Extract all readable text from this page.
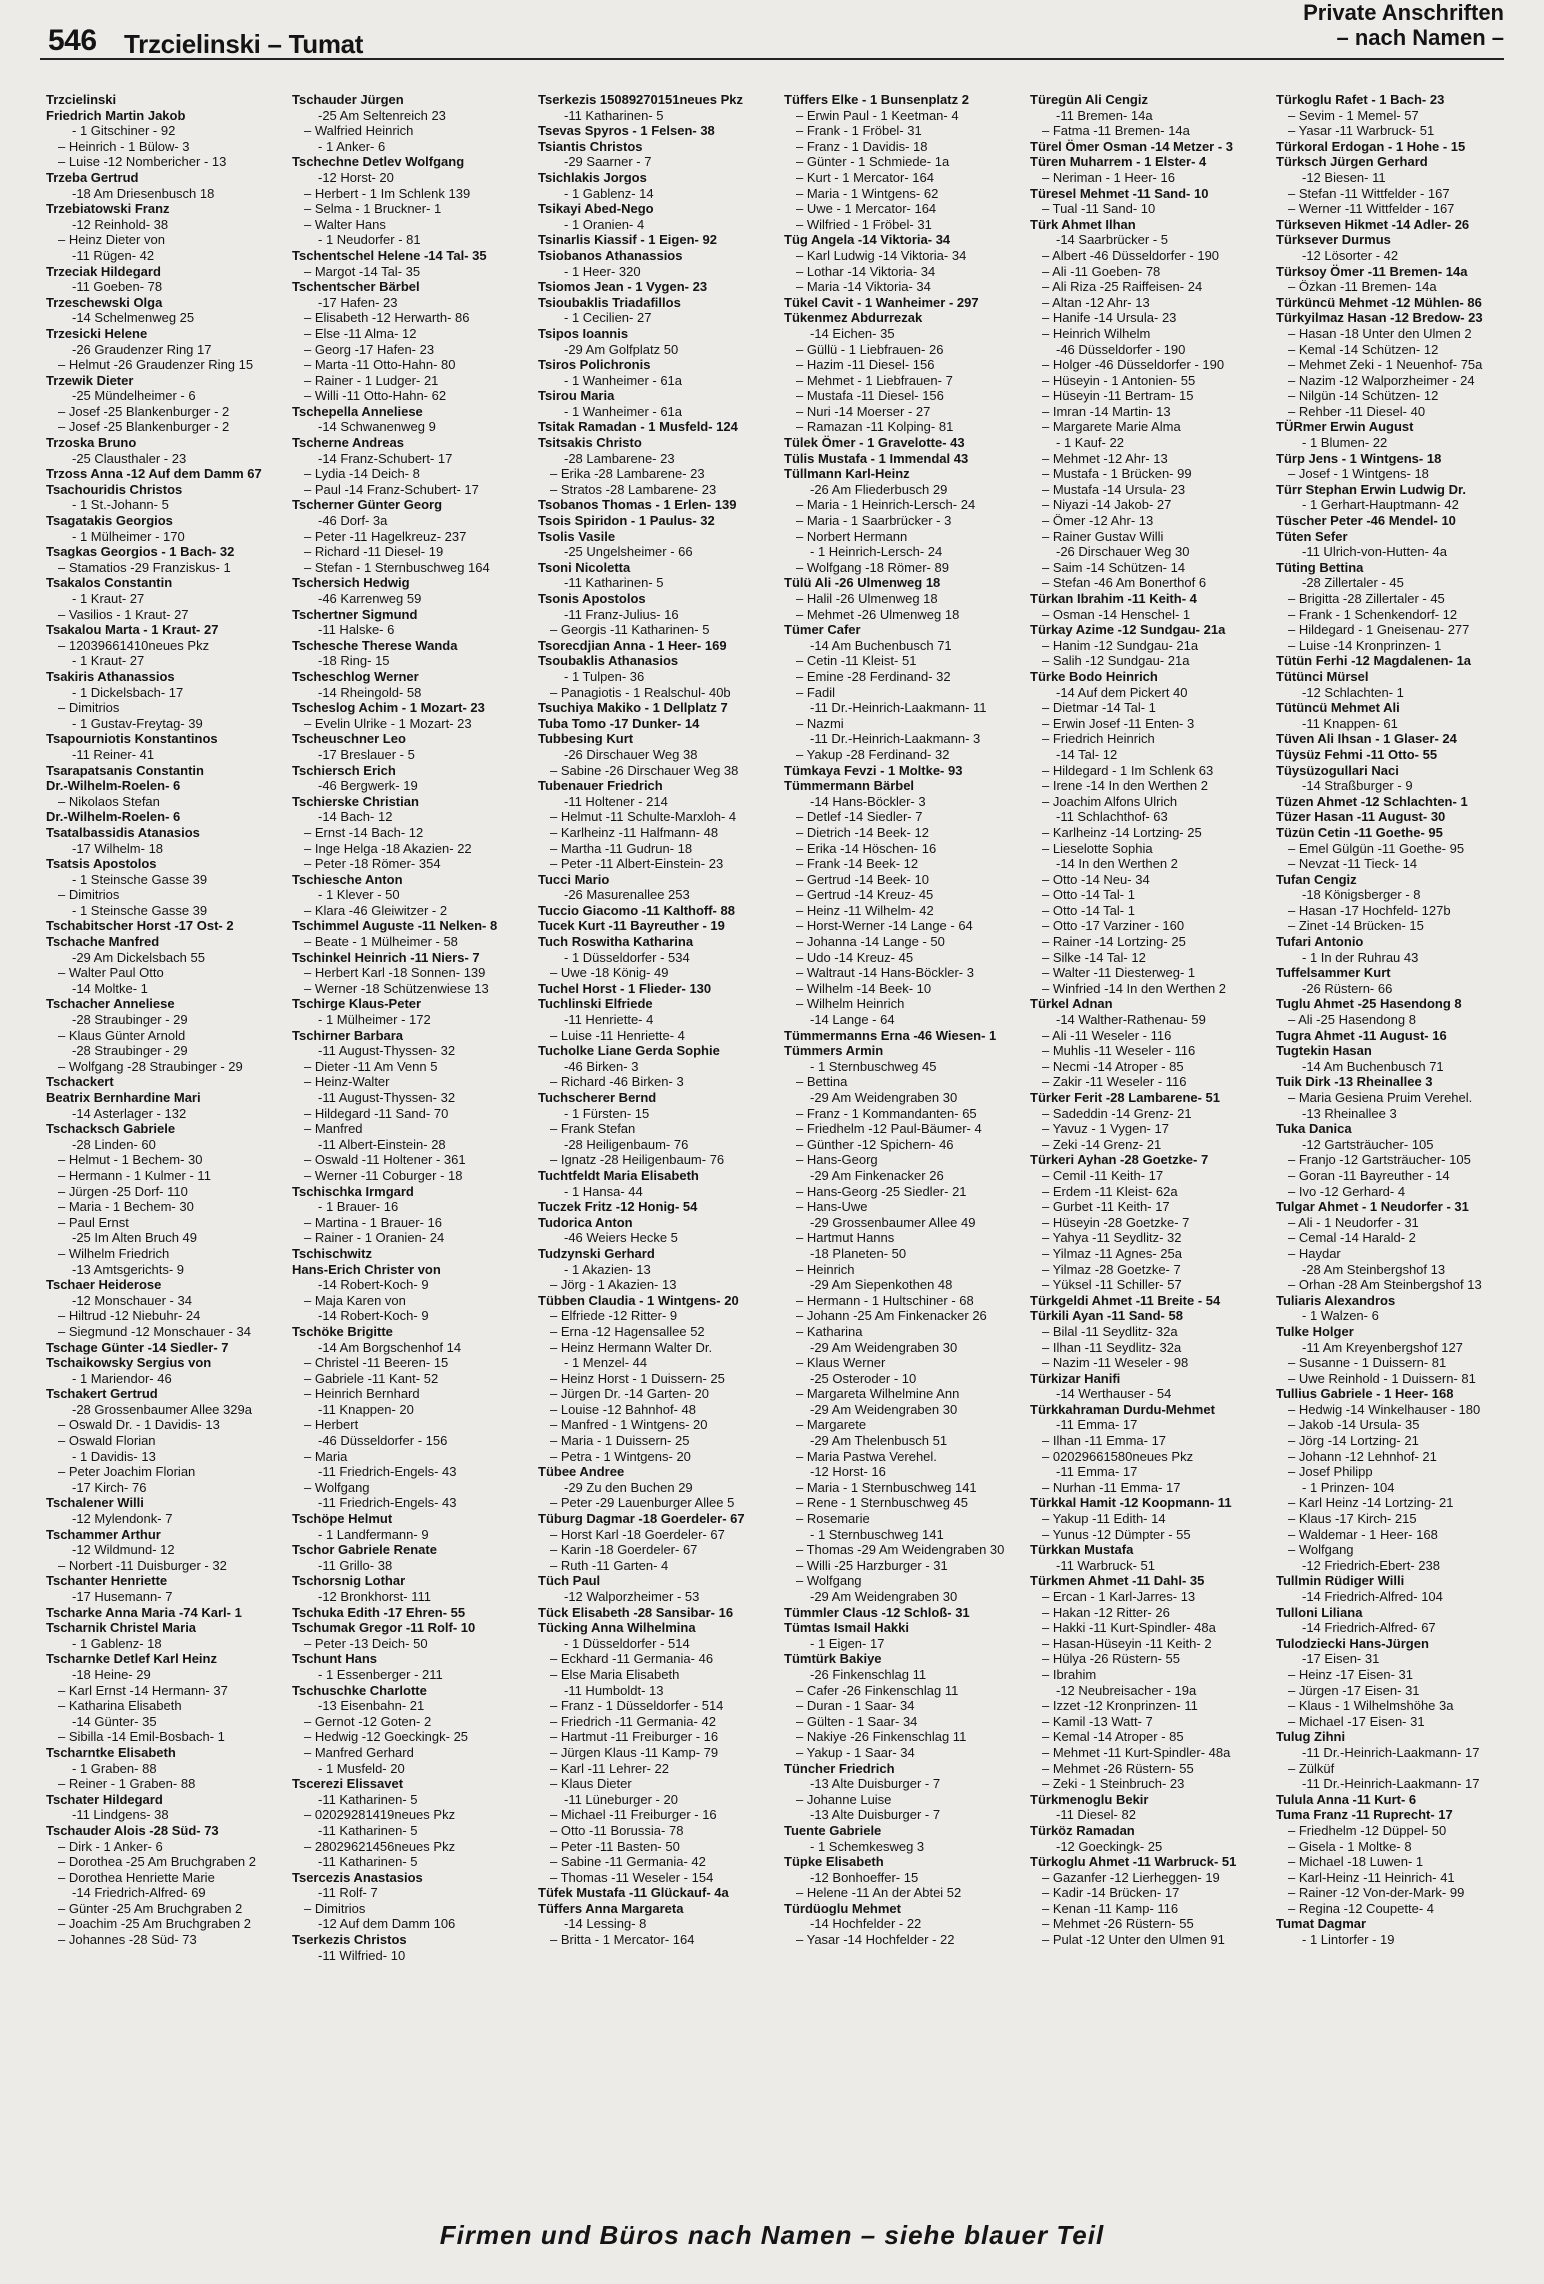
546 Trzcielinski – Tumat
Private Anschriften
– nach Namen –
Trzcielinski
Friedrich Martin Jakob
- 1 Gitschiner - 92
– Heinrich - 1 Bülow- 3
– Luise -12 Nombericher - 13
Trzeba Gertrud
-18 Am Driesenbusch 18
Trzebiatowski Franz
-12 Reinhold- 38
– Heinz Dieter von
-11 Rügen- 42
Trzeciak Hildegard
-11 Goeben- 78
Trzeschewski Olga
-14 Schelmenweg 25
Trzesicki Helene
-26 Graudenzer Ring 17
– Helmut -26 Graudenzer Ring 15
Trzewik Dieter
-25 Mündelheimer - 6
– Josef -25 Blankenburger - 2
– Josef -25 Blankenburger - 2
Trzoska Bruno
-25 Clausthaler - 23
Trzoss Anna -12 Auf dem Damm 67
Tsachouridis Christos
- 1 St.-Johann- 5
Tsagatakis Georgios
- 1 Mülheimer - 170
Tsagkas Georgios - 1 Bach- 32
– Stamatios -29 Franziskus- 1
Tsakalos Constantin
- 1 Kraut- 27
– Vasilios - 1 Kraut- 27
Tsakalou Marta - 1 Kraut- 27
– 12039661410neues Pkz
- 1 Kraut- 27
Tsakiris Athanassios
- 1 Dickelsbach- 17
– Dimitrios
- 1 Gustav-Freytag- 39
Tsapourniotis Konstantinos
-11 Reiner- 41
Tsarapatsanis Constantin
Dr.-Wilhelm-Roelen- 6
– Nikolaos Stefan
Dr.-Wilhelm-Roelen- 6
Tsatalbassidis Atanasios
-17 Wilhelm- 18
Tsatsis Apostolos
- 1 Steinsche Gasse 39
– Dimitrios
- 1 Steinsche Gasse 39
Tschabitscher Horst -17 Ost- 2
Tschache Manfred
-29 Am Dickelsbach 55
– Walter Paul Otto
-14 Moltke- 1
Tschacher Anneliese
-28 Straubinger - 29
– Klaus Günter Arnold
-28 Straubinger - 29
– Wolfgang -28 Straubinger - 29
Tschackert
Beatrix Bernhardine Mari
-14 Asterlager - 132
Tschacksch Gabriele
-28 Linden- 60
– Helmut - 1 Bechem- 30
– Hermann - 1 Kulmer - 11
– Jürgen -25 Dorf- 110
– Maria - 1 Bechem- 30
– Paul Ernst
-25 Im Alten Bruch 49
– Wilhelm Friedrich
-13 Amtsgerichts- 9
Tschaer Heiderose
-12 Monschauer - 34
– Hiltrud -12 Niebuhr- 24
– Siegmund -12 Monschauer - 34
Tschage Günter -14 Siedler- 7
Tschaikowsky Sergius von
- 1 Mariendor- 46
Tschakert Gertrud
-28 Grossenbaumer Allee 329a
– Oswald Dr. - 1 Davidis- 13
– Oswald Florian
- 1 Davidis- 13
– Peter Joachim Florian
-17 Kirch- 76
Tschalener Willi
-12 Mylendonk- 7
Tschammer Arthur
-12 Wildmund- 12
– Norbert -11 Duisburger - 32
Tschanter Henriette
-17 Husemann- 7
Tscharke Anna Maria -74 Karl- 1
Tscharnik Christel Maria
- 1 Gablenz- 18
Tscharnke Detlef Karl Heinz
-18 Heine- 29
– Karl Ernst -14 Hermann- 37
– Katharina Elisabeth
-14 Günter- 35
– Sibilla -14 Emil-Bosbach- 1
Tscharntke Elisabeth
- 1 Graben- 88
– Reiner - 1 Graben- 88
Tschater Hildegard
-11 Lindgens- 38
Tschauder Alois -28 Süd- 73
– Dirk - 1 Anker- 6
– Dorothea -25 Am Bruchgraben 2
– Dorothea Henriette Marie
-14 Friedrich-Alfred- 69
– Günter -25 Am Bruchgraben 2
– Joachim -25 Am Bruchgraben 2
– Johannes -28 Süd- 73
Tschauder Jürgen
-25 Am Seltenreich 23
– Walfried Heinrich
- 1 Anker- 6
Tschechne Detlev Wolfgang
-12 Horst- 20
– Herbert - 1 Im Schlenk 139
– Selma - 1 Bruckner- 1
– Walter Hans
- 1 Neudorfer - 81
Tschentschel Helene -14 Tal- 35
– Margot -14 Tal- 35
Tschentscher Bärbel
-17 Hafen- 23
– Elisabeth -12 Herwarth- 86
– Else -11 Alma- 12
– Georg -17 Hafen- 23
– Marta -11 Otto-Hahn- 80
– Rainer - 1 Ludger- 21
– Willi -11 Otto-Hahn- 62
Tschepella Anneliese
-14 Schwanenweg 9
Tscherne Andreas
-14 Franz-Schubert- 17
– Lydia -14 Deich- 8
– Paul -14 Franz-Schubert- 17
Tscherner Günter Georg
-46 Dorf- 3a
– Peter -11 Hagelkreuz- 237
– Richard -11 Diesel- 19
– Stefan - 1 Sternbuschweg 164
Tschersich Hedwig
-46 Karrenweg 59
Tschertner Sigmund
-11 Halske- 6
Tschesche Therese Wanda
-18 Ring- 15
Tscheschlog Werner
-14 Rheingold- 58
Tscheslog Achim - 1 Mozart- 23
– Evelin Ulrike - 1 Mozart- 23
Tscheuschner Leo
-17 Breslauer - 5
Tschiersch Erich
-46 Bergwerk- 19
Tschierske Christian
-14 Bach- 12
– Ernst -14 Bach- 12
– Inge Helga -18 Akazien- 22
– Peter -18 Römer- 354
Tschiesche Anton
- 1 Klever - 50
– Klara -46 Gleiwitzer - 2
Tschimmel Auguste -11 Nelken- 8
– Beate - 1 Mülheimer - 58
Tschinkel Heinrich -11 Niers- 7
– Herbert Karl -18 Sonnen- 139
– Werner -18 Schützenwiese 13
Tschirge Klaus-Peter
- 1 Mülheimer - 172
Tschirner Barbara
-11 August-Thyssen- 32
– Dieter -11 Am Venn 5
– Heinz-Walter
-11 August-Thyssen- 32
– Hildegard -11 Sand- 70
– Manfred
-11 Albert-Einstein- 28
– Oswald -11 Holtener - 361
– Werner -11 Coburger - 18
Tschischka Irmgard
- 1 Brauer- 16
– Martina - 1 Brauer- 16
– Rainer - 1 Oranien- 24
Tschischwitz
Hans-Erich Christer von
-14 Robert-Koch- 9
– Maja Karen von
-14 Robert-Koch- 9
Tschöke Brigitte
-14 Am Borgschenhof 14
– Christel -11 Beeren- 15
– Gabriele -11 Kant- 52
– Heinrich Bernhard
-11 Knappen- 20
– Herbert
-46 Düsseldorfer - 156
– Maria
-11 Friedrich-Engels- 43
– Wolfgang
-11 Friedrich-Engels- 43
Tschöpe Helmut
- 1 Landfermann- 9
Tschor Gabriele Renate
-11 Grillo- 38
Tschorsnig Lothar
-12 Bronkhorst- 111
Tschuka Edith -17 Ehren- 55
Tschumak Gregor -11 Rolf- 10
– Peter -13 Deich- 50
Tschunt Hans
- 1 Essenberger - 211
Tschuschke Charlotte
-13 Eisenbahn- 21
– Gernot -12 Goten- 2
– Hedwig -12 Goeckingk- 25
– Manfred Gerhard
- 1 Musfeld- 20
Tscerezi Elissavet
-11 Katharinen- 5
– 02029281419neues Pkz
-11 Katharinen- 5
– 28029621456neues Pkz
-11 Katharinen- 5
Tsercezis Anastasios
-11 Rolf- 7
– Dimitrios
-12 Auf dem Damm 106
Tserkezis Christos
-11 Wilfried- 10
Tserkezis 15089270151neues Pkz
-11 Katharinen- 5
Tsevas Spyros - 1 Felsen- 38
Tsiantis Christos
-29 Saarner - 7
Tsichlakis Jorgos
- 1 Gablenz- 14
Tsikayi Abed-Nego
- 1 Oranien- 4
Tsinarlis Kiassif - 1 Eigen- 92
Tsiobanos Athanassios
- 1 Heer- 320
Tsiomos Jean - 1 Vygen- 23
Tsioubaklis Triadafillos
- 1 Cecilien- 27
Tsipos Ioannis
-29 Am Golfplatz 50
Tsiros Polichronis
- 1 Wanheimer - 61a
Tsirou Maria
- 1 Wanheimer - 61a
Tsitak Ramadan - 1 Musfeld- 124
Tsitsakis Christo
-28 Lambarene- 23
– Erika -28 Lambarene- 23
– Stratos -28 Lambarene- 23
Tsobanos Thomas - 1 Erlen- 139
Tsois Spiridon - 1 Paulus- 32
Tsolis Vasile
-25 Ungelsheimer - 66
Tsoni Nicoletta
-11 Katharinen- 5
Tsonis Apostolos
-11 Franz-Julius- 16
– Georgis -11 Katharinen- 5
Tsorecdjian Anna - 1 Heer- 169
Tsoubaklis Athanasios
- 1 Tulpen- 36
– Panagiotis - 1 Realschul- 40b
Tsuchiya Makiko - 1 Dellplatz 7
Tuba Tomo -17 Dunker- 14
Tubbesing Kurt
-26 Dirschauer Weg 38
– Sabine -26 Dirschauer Weg 38
Tubenauer Friedrich
-11 Holtener - 214
– Helmut -11 Schulte-Marxloh- 4
– Karlheinz -11 Halfmann- 48
– Martha -11 Gudrun- 18
– Peter -11 Albert-Einstein- 23
Tucci Mario
-26 Masurenallee 253
Tuccio Giacomo -11 Kalthoff- 88
Tucek Kurt -11 Bayreuther - 19
Tuch Roswitha Katharina
- 1 Düsseldorfer - 534
– Uwe -18 König- 49
Tuchel Horst - 1 Flieder- 130
Tuchlinski Elfriede
-11 Henriette- 4
– Luise -11 Henriette- 4
Tucholke Liane Gerda Sophie
-46 Birken- 3
– Richard -46 Birken- 3
Tuchscherer Bernd
- 1 Fürsten- 15
– Frank Stefan
-28 Heiligenbaum- 76
– Ignatz -28 Heiligenbaum- 76
Tuchtfeldt Maria Elisabeth
- 1 Hansa- 44
Tuczek Fritz -12 Honig- 54
Tudorica Anton
-46 Weiers Hecke 5
Tudzynski Gerhard
- 1 Akazien- 13
– Jörg - 1 Akazien- 13
Tübben Claudia - 1 Wintgens- 20
– Elfriede -12 Ritter- 9
– Erna -12 Hagensallee 52
– Heinz Hermann Walter Dr.
- 1 Menzel- 44
– Heinz Horst - 1 Duissern- 25
– Jürgen Dr. -14 Garten- 20
– Louise -12 Bahnhof- 48
– Manfred - 1 Wintgens- 20
– Maria - 1 Duissern- 25
– Petra - 1 Wintgens- 20
Tübee Andree
-29 Zu den Buchen 29
– Peter -29 Lauenburger Allee 5
Tüburg Dagmar -18 Goerdeler- 67
– Horst Karl -18 Goerdeler- 67
– Karin -18 Goerdeler- 67
– Ruth -11 Garten- 4
Tüch Paul
-12 Walporzheimer - 53
Tück Elisabeth -28 Sansibar- 16
Tücking Anna Wilhelmina
- 1 Düsseldorfer - 514
– Eckhard -11 Germania- 46
– Else Maria Elisabeth
-11 Humboldt- 13
– Franz - 1 Düsseldorfer - 514
– Friedrich -11 Germania- 42
– Hartmut -11 Freiburger - 16
– Jürgen Klaus -11 Kamp- 79
– Karl -11 Lehrer- 22
– Klaus Dieter
-11 Lüneburger - 20
– Michael -11 Freiburger - 16
– Otto -11 Borussia- 78
– Peter -11 Basten- 50
– Sabine -11 Germania- 42
– Thomas -11 Weseler - 154
Tüfek Mustafa -11 Glückauf- 4a
Tüffers Anna Margareta
-14 Lessing- 8
– Britta - 1 Mercator- 164
Tüffers Elke - 1 Bunsenplatz 2
– Erwin Paul - 1 Keetman- 4
– Frank - 1 Fröbel- 31
– Franz - 1 Davidis- 18
– Günter - 1 Schmiede- 1a
– Kurt - 1 Mercator- 164
– Maria - 1 Wintgens- 62
– Uwe - 1 Mercator- 164
– Wilfried - 1 Fröbel- 31
Tüg Angela -14 Viktoria- 34
– Karl Ludwig -14 Viktoria- 34
– Lothar -14 Viktoria- 34
– Maria -14 Viktoria- 34
Tükel Cavit - 1 Wanheimer - 297
Tükenmez Abdurrezak
-14 Eichen- 35
– Güllü - 1 Liebfrauen- 26
– Hazim -11 Diesel- 156
– Mehmet - 1 Liebfrauen- 7
– Mustafa -11 Diesel- 156
– Nuri -14 Moerser - 27
– Ramazan -11 Kolping- 81
Tülek Ömer - 1 Gravelotte- 43
Tülis Mustafa - 1 Immendal 43
Tüllmann Karl-Heinz
-26 Am Fliederbusch 29
– Maria - 1 Heinrich-Lersch- 24
– Maria - 1 Saarbrücker - 3
– Norbert Hermann
- 1 Heinrich-Lersch- 24
– Wolfgang -18 Römer- 89
Tülü Ali -26 Ulmenweg 18
– Halil -26 Ulmenweg 18
– Mehmet -26 Ulmenweg 18
Tümer Cafer
-14 Am Buchenbusch 71
– Cetin -11 Kleist- 51
– Emine -28 Ferdinand- 32
– Fadil
-11 Dr.-Heinrich-Laakmann- 11
– Nazmi
-11 Dr.-Heinrich-Laakmann- 3
– Yakup -28 Ferdinand- 32
Tümkaya Fevzi - 1 Moltke- 93
Tümmermann Bärbel
-14 Hans-Böckler- 3
– Detlef -14 Siedler- 7
– Dietrich -14 Beek- 12
– Erika -14 Höschen- 16
– Frank -14 Beek- 12
– Gertrud -14 Beek- 10
– Gertrud -14 Kreuz- 45
– Heinz -11 Wilhelm- 42
– Horst-Werner -14 Lange - 64
– Johanna -14 Lange - 50
– Udo -14 Kreuz- 45
– Waltraut -14 Hans-Böckler- 3
– Wilhelm -14 Beek- 10
– Wilhelm Heinrich
-14 Lange - 64
Tümmermanns Erna -46 Wiesen- 1
Tümmers Armin
- 1 Sternbuschweg 45
– Bettina
-29 Am Weidengraben 30
– Franz - 1 Kommandanten- 65
– Friedhelm -12 Paul-Bäumer- 4
– Günther -12 Spichern- 46
– Hans-Georg
-29 Am Finkenacker 26
– Hans-Georg -25 Siedler- 21
– Hans-Uwe
-29 Grossenbaumer Allee 49
– Hartmut Hanns
-18 Planeten- 50
– Heinrich
-29 Am Siepenkothen 48
– Hermann - 1 Hultschiner - 68
– Johann -25 Am Finkenacker 26
– Katharina
-29 Am Weidengraben 30
– Klaus Werner
-25 Osteroder - 10
– Margareta Wilhelmine Ann
-29 Am Weidengraben 30
– Margarete
-29 Am Thelenbusch 51
– Maria Pastwa Verehel.
-12 Horst- 16
– Maria - 1 Sternbuschweg 141
– Rene - 1 Sternbuschweg 45
– Rosemarie
- 1 Sternbuschweg 141
– Thomas -29 Am Weidengraben 30
– Willi -25 Harzburger - 31
– Wolfgang
-29 Am Weidengraben 30
Tümmler Claus -12 Schloß- 31
Tümtas Ismail Hakki
- 1 Eigen- 17
Tümtürk Bakiye
-26 Finkenschlag 11
– Cafer -26 Finkenschlag 11
– Duran - 1 Saar- 34
– Gülten - 1 Saar- 34
– Nakiye -26 Finkenschlag 11
– Yakup - 1 Saar- 34
Tüncher Friedrich
-13 Alte Duisburger - 7
– Johanne Luise
-13 Alte Duisburger - 7
Tuente Gabriele
- 1 Schemkesweg 3
Tüpke Elisabeth
-12 Bonhoeffer- 15
– Helene -11 An der Abtei 52
Türdüoglu Mehmet
-14 Hochfelder - 22
– Yasar -14 Hochfelder - 22
Türegün Ali Cengiz
-11 Bremen- 14a
– Fatma -11 Bremen- 14a
Türel Ömer Osman -14 Metzer - 3
Türen Muharrem - 1 Elster- 4
– Neriman - 1 Heer- 16
Türesel Mehmet -11 Sand- 10
– Tual -11 Sand- 10
Türk Ahmet Ilhan
-14 Saarbrücker - 5
– Albert -46 Düsseldorfer - 190
– Ali -11 Goeben- 78
– Ali Riza -25 Raiffeisen- 24
– Altan -12 Ahr- 13
– Hanife -14 Ursula- 23
– Heinrich Wilhelm
-46 Düsseldorfer - 190
– Holger -46 Düsseldorfer - 190
– Hüseyin - 1 Antonien- 55
– Hüseyin -11 Bertram- 15
– Imran -14 Martin- 13
– Margarete Marie Alma
- 1 Kauf- 22
– Mehmet -12 Ahr- 13
– Mustafa - 1 Brücken- 99
– Mustafa -14 Ursula- 23
– Niyazi -14 Jakob- 27
– Ömer -12 Ahr- 13
– Rainer Gustav Willi
-26 Dirschauer Weg 30
– Saim -14 Schützen- 14
– Stefan -46 Am Bonerthof 6
Türkan Ibrahim -11 Keith- 4
– Osman -14 Henschel- 1
Türkay Azime -12 Sundgau- 21a
– Hanim -12 Sundgau- 21a
– Salih -12 Sundgau- 21a
Türke Bodo Heinrich
-14 Auf dem Pickert 40
– Dietmar -14 Tal- 1
– Erwin Josef -11 Enten- 3
– Friedrich Heinrich
-14 Tal- 12
– Hildegard - 1 Im Schlenk 63
– Irene -14 In den Werthen 2
– Joachim Alfons Ulrich
-11 Schlachthof- 63
– Karlheinz -14 Lortzing- 25
– Lieselotte Sophia
-14 In den Werthen 2
– Otto -14 Neu- 34
– Otto -14 Tal- 1
– Otto -14 Tal- 1
– Otto -17 Varziner - 160
– Rainer -14 Lortzing- 25
– Silke -14 Tal- 12
– Walter -11 Diesterweg- 1
– Winfried -14 In den Werthen 2
Türkel Adnan
-14 Walther-Rathenau- 59
– Ali -11 Weseler - 116
– Muhlis -11 Weseler - 116
– Necmi -14 Atroper - 85
– Zakir -11 Weseler - 116
Türker Ferit -28 Lambarene- 51
– Sadeddin -14 Grenz- 21
– Yavuz - 1 Vygen- 17
– Zeki -14 Grenz- 21
Türkeri Ayhan -28 Goetzke- 7
– Cemil -11 Keith- 17
– Erdem -11 Kleist- 62a
– Gurbet -11 Keith- 17
– Hüseyin -28 Goetzke- 7
– Yahya -11 Seydlitz- 32
– Yilmaz -11 Agnes- 25a
– Yilmaz -28 Goetzke- 7
– Yüksel -11 Schiller- 57
Türkgeldi Ahmet -11 Breite - 54
Türkili Ayan -11 Sand- 58
– Bilal -11 Seydlitz- 32a
– Ilhan -11 Seydlitz- 32a
– Nazim -11 Weseler - 98
Türkizar Hanifi
-14 Werthauser - 54
Türkkahraman Durdu-Mehmet
-11 Emma- 17
– Ilhan -11 Emma- 17
– 02029661580neues Pkz
-11 Emma- 17
– Nurhan -11 Emma- 17
Türkkal Hamit -12 Koopmann- 11
– Yakup -11 Edith- 14
– Yunus -12 Dümpter - 55
Türkkan Mustafa
-11 Warbruck- 51
Türkmen Ahmet -11 Dahl- 35
– Ercan - 1 Karl-Jarres- 13
– Hakan -12 Ritter- 26
– Hakki -11 Kurt-Spindler- 48a
– Hasan-Hüseyin -11 Keith- 2
– Hülya -26 Rüstern- 55
– Ibrahim
-12 Neubreisacher - 19a
– Izzet -12 Kronprinzen- 11
– Kamil -13 Watt- 7
– Kemal -14 Atroper - 85
– Mehmet -11 Kurt-Spindler- 48a
– Mehmet -26 Rüstern- 55
– Zeki - 1 Steinbruch- 23
Türkmenoglu Bekir
-11 Diesel- 82
Türköz Ramadan
-12 Goeckingk- 25
Türkoglu Ahmet -11 Warbruck- 51
– Gazanfer -12 Lierheggen- 19
– Kadir -14 Brücken- 17
– Kenan -11 Kamp- 116
– Mehmet -26 Rüstern- 55
– Pulat -12 Unter den Ulmen 91
Türkoglu Rafet - 1 Bach- 23
– Sevim - 1 Memel- 57
– Yasar -11 Warbruck- 51
Türkoral Erdogan - 1 Hohe - 15
Türksch Jürgen Gerhard
-12 Biesen- 11
– Stefan -11 Wittfelder - 167
– Werner -11 Wittfelder - 167
Türkseven Hikmet -14 Adler- 26
Türksever Durmus
-12 Lösorter - 42
Türksoy Ömer -11 Bremen- 14a
– Özkan -11 Bremen- 14a
Türküncü Mehmet -12 Mühlen- 86
Türkyilmaz Hasan -12 Bredow- 23
– Hasan -18 Unter den Ulmen 2
– Kemal -14 Schützen- 12
– Mehmet Zeki - 1 Neuenhof- 75a
– Nazim -12 Walporzheimer - 24
– Nilgün -14 Schützen- 12
– Rehber -11 Diesel- 40
TÜRmer Erwin August
- 1 Blumen- 22
Türp Jens - 1 Wintgens- 18
– Josef - 1 Wintgens- 18
Türr Stephan Erwin Ludwig Dr.
- 1 Gerhart-Hauptmann- 42
Tüscher Peter -46 Mendel- 10
Tüten Sefer
-11 Ulrich-von-Hutten- 4a
Tüting Bettina
-28 Zillertaler - 45
– Brigitta -28 Zillertaler - 45
– Frank - 1 Schenkendorf- 12
– Hildegard - 1 Gneisenau- 277
– Luise -14 Kronprinzen- 1
Tütün Ferhi -12 Magdalenen- 1a
Tütünci Mürsel
-12 Schlachten- 1
Tütüncü Mehmet Ali
-11 Knappen- 61
Tüven Ali Ihsan - 1 Glaser- 24
Tüysüz Fehmi -11 Otto- 55
Tüysüzogullari Naci
-14 Straßburger - 9
Tüzen Ahmet -12 Schlachten- 1
Tüzer Hasan -11 August- 30
Tüzün Cetin -11 Goethe- 95
– Emel Gülgün -11 Goethe- 95
– Nevzat -11 Tieck- 14
Tufan Cengiz
-18 Königsberger - 8
– Hasan -17 Hochfeld- 127b
– Zinet -14 Brücken- 15
Tufari Antonio
- 1 In der Ruhrau 43
Tuffelsammer Kurt
-26 Rüstern- 66
Tuglu Ahmet -25 Hasendong 8
– Ali -25 Hasendong 8
Tugra Ahmet -11 August- 16
Tugtekin Hasan
-14 Am Buchenbusch 71
Tuik Dirk -13 Rheinallee 3
– Maria Gesiena Pruim Verehel.
-13 Rheinallee 3
Tuka Danica
-12 Gartsträucher- 105
– Franjo -12 Gartsträucher- 105
– Goran -11 Bayreuther - 14
– Ivo -12 Gerhard- 4
Tulgar Ahmet - 1 Neudorfer - 31
– Ali - 1 Neudorfer - 31
– Cemal -14 Harald- 2
– Haydar
-28 Am Steinbergshof 13
– Orhan -28 Am Steinbergshof 13
Tuliaris Alexandros
- 1 Walzen- 6
Tulke Holger
-11 Am Kreyenbergshof 127
– Susanne - 1 Duissern- 81
– Uwe Reinhold - 1 Duissern- 81
Tullius Gabriele - 1 Heer- 168
– Hedwig -14 Winkelhauser - 180
– Jakob -14 Ursula- 35
– Jörg -14 Lortzing- 21
– Johann -12 Lehnhof- 21
– Josef Philipp
- 1 Prinzen- 104
– Karl Heinz -14 Lortzing- 21
– Klaus -17 Kirch- 215
– Waldemar - 1 Heer- 168
– Wolfgang
-12 Friedrich-Ebert- 238
Tullmin Rüdiger Willi
-14 Friedrich-Alfred- 104
Tulloni Liliana
-14 Friedrich-Alfred- 67
Tulodziecki Hans-Jürgen
-17 Eisen- 31
– Heinz -17 Eisen- 31
– Jürgen -17 Eisen- 31
– Klaus - 1 Wilhelmshöhe 3a
– Michael -17 Eisen- 31
Tulug Zihni
-11 Dr.-Heinrich-Laakmann- 17
– Zülküf
-11 Dr.-Heinrich-Laakmann- 17
Tulula Anna -11 Kurt- 6
Tuma Franz -11 Ruprecht- 17
– Friedhelm -12 Düppel- 50
– Gisela - 1 Moltke- 8
– Michael -18 Luwen- 1
– Karl-Heinz -11 Heinrich- 41
– Rainer -12 Von-der-Mark- 99
– Regina -12 Coupette- 4
Tumat Dagmar
- 1 Lintorfer - 19
Firmen und Büros nach Namen – siehe blauer Teil
